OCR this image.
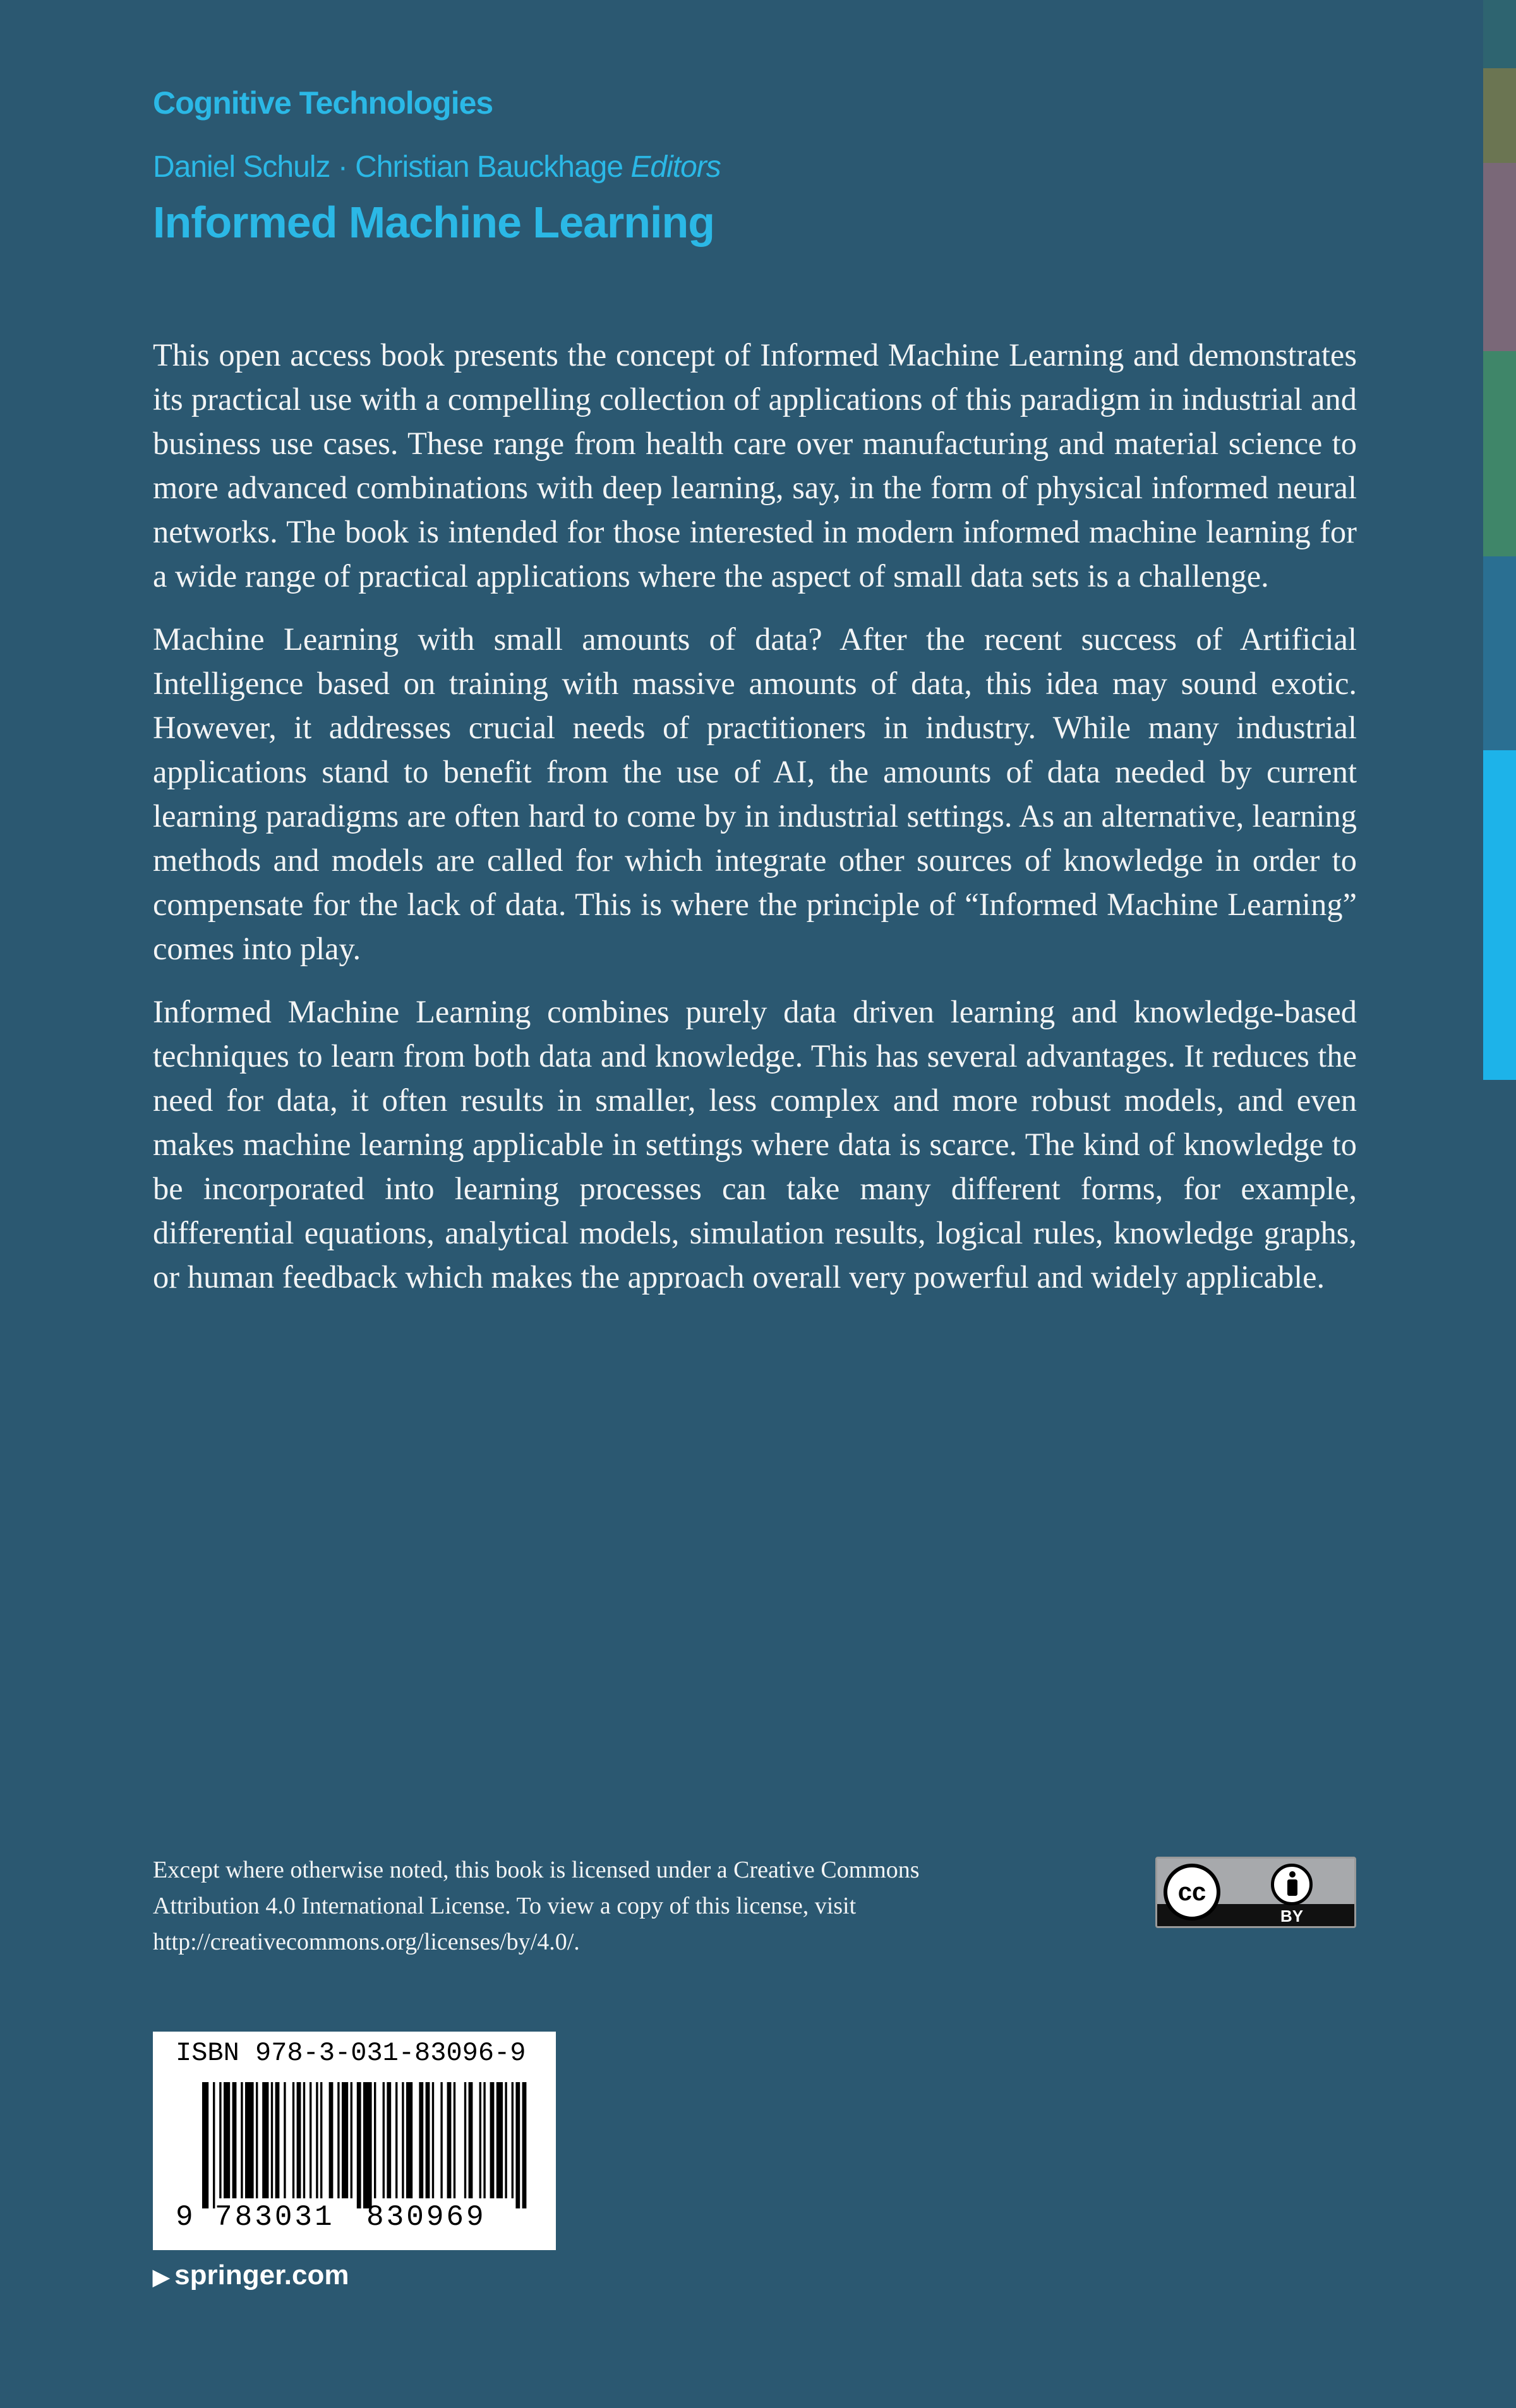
Cognitive Technologies
Daniel Schulz · Christian Bauckhage Editors
Informed Machine Learning

This open access book presents the concept of Informed Machine Learning and demonstrates its practical use with a compelling collection of applications of this paradigm in industrial and business use cases. These range from health care over manufacturing and material science to more advanced combinations with deep learning, say, in the form of physical informed neural networks. The book is intended for those interested in modern informed machine learning for a wide range of practical applications where the aspect of small data sets is a challenge.

Machine Learning with small amounts of data? After the recent success of Artificial Intelligence based on training with massive amounts of data, this idea may sound exotic. However, it addresses crucial needs of practitioners in industry. While many industrial applications stand to benefit from the use of AI, the amounts of data needed by current learning paradigms are often hard to come by in industrial settings. As an alternative, learning methods and models are called for which integrate other sources of knowledge in order to compensate for the lack of data. This is where the principle of “Informed Machine Learning” comes into play.

Informed Machine Learning combines purely data driven learning and knowledge-based techniques to learn from both data and knowledge. This has several advantages. It reduces the need for data, it often results in smaller, less complex and more robust models, and even makes machine learning applicable in settings where data is scarce. The kind of knowledge to be incorporated into learning processes can take many different forms, for example, differential equations, analytical models, simulation results, logical rules, knowledge graphs, or human feedback which makes the approach overall very powerful and widely applicable.

Except where otherwise noted, this book is licensed under a Creative Commons Attribution 4.0 International License. To view a copy of this license, visit http://creativecommons.org/licenses/by/4.0/.
cc
BY
ISBN 978-3-031-83096-9
9 783031 830969
▶ springer.com
